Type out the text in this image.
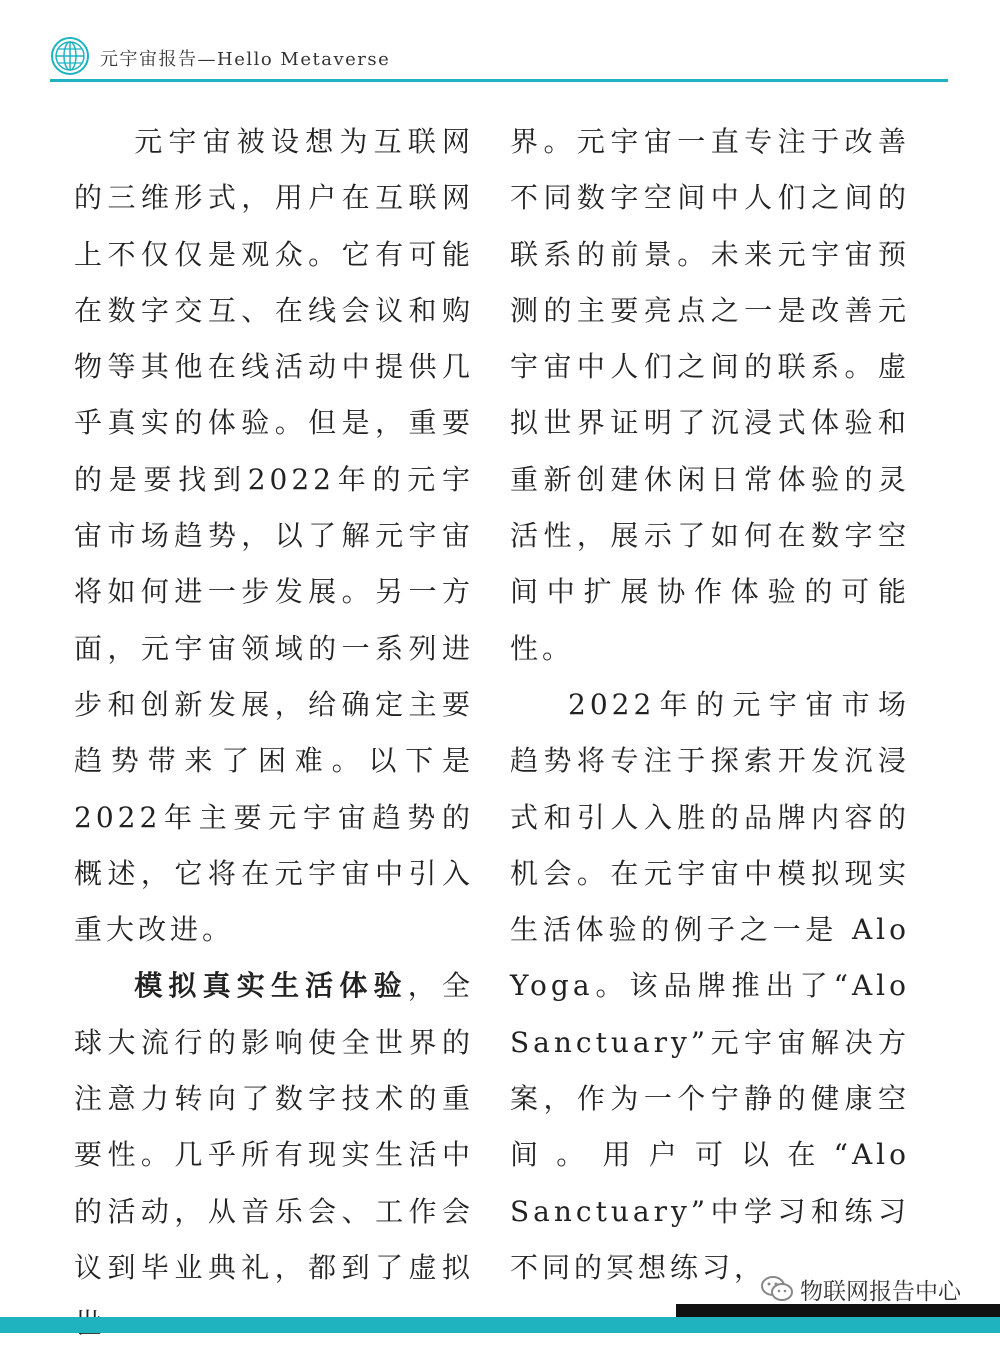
元宇宙报告—Hello Metaverse

元宇宙被设想为互联网的三维形式，用户在互联网上不仅仅是观众。它有可能在数字交互、在线会议和购物等其他在线活动中提供几乎真实的体验。但是，重要的是要找到2022年的元宇宙市场趋势，以了解元宇宙将如何进一步发展。另一方面，元宇宙领域的一系列进步和创新发展，给确定主要趋势带来了困难。以下是2022年主要元宇宙趋势的概述，它将在元宇宙中引入重大改进。

模拟真实生活体验，全球大流行的影响使全世界的注意力转向了数字技术的重要性。几乎所有现实生活中的活动，从音乐会、工作会议到毕业典礼，都到了虚拟

界。元宇宙一直专注于改善不同数字空间中人们之间的联系的前景。未来元宇宙预测的主要亮点之一是改善元宇宙中人们之间的联系。虚拟世界证明了沉浸式体验和重新创建休闲日常体验的灵活性，展示了如何在数字空间中扩展协作体验的可能性。

2022年的元宇宙市场趋势将专注于探索开发沉浸式和引人入胜的品牌内容的机会。在元宇宙中模拟现实生活体验的例子之一是 Alo Yoga。该品牌推出了“Alo Sanctuary”元宇宙解决方案，作为一个宁静的健康空间。用户可以在“Alo Sanctuary”中学习和练习不同的冥想练习，

物联网报告中心
